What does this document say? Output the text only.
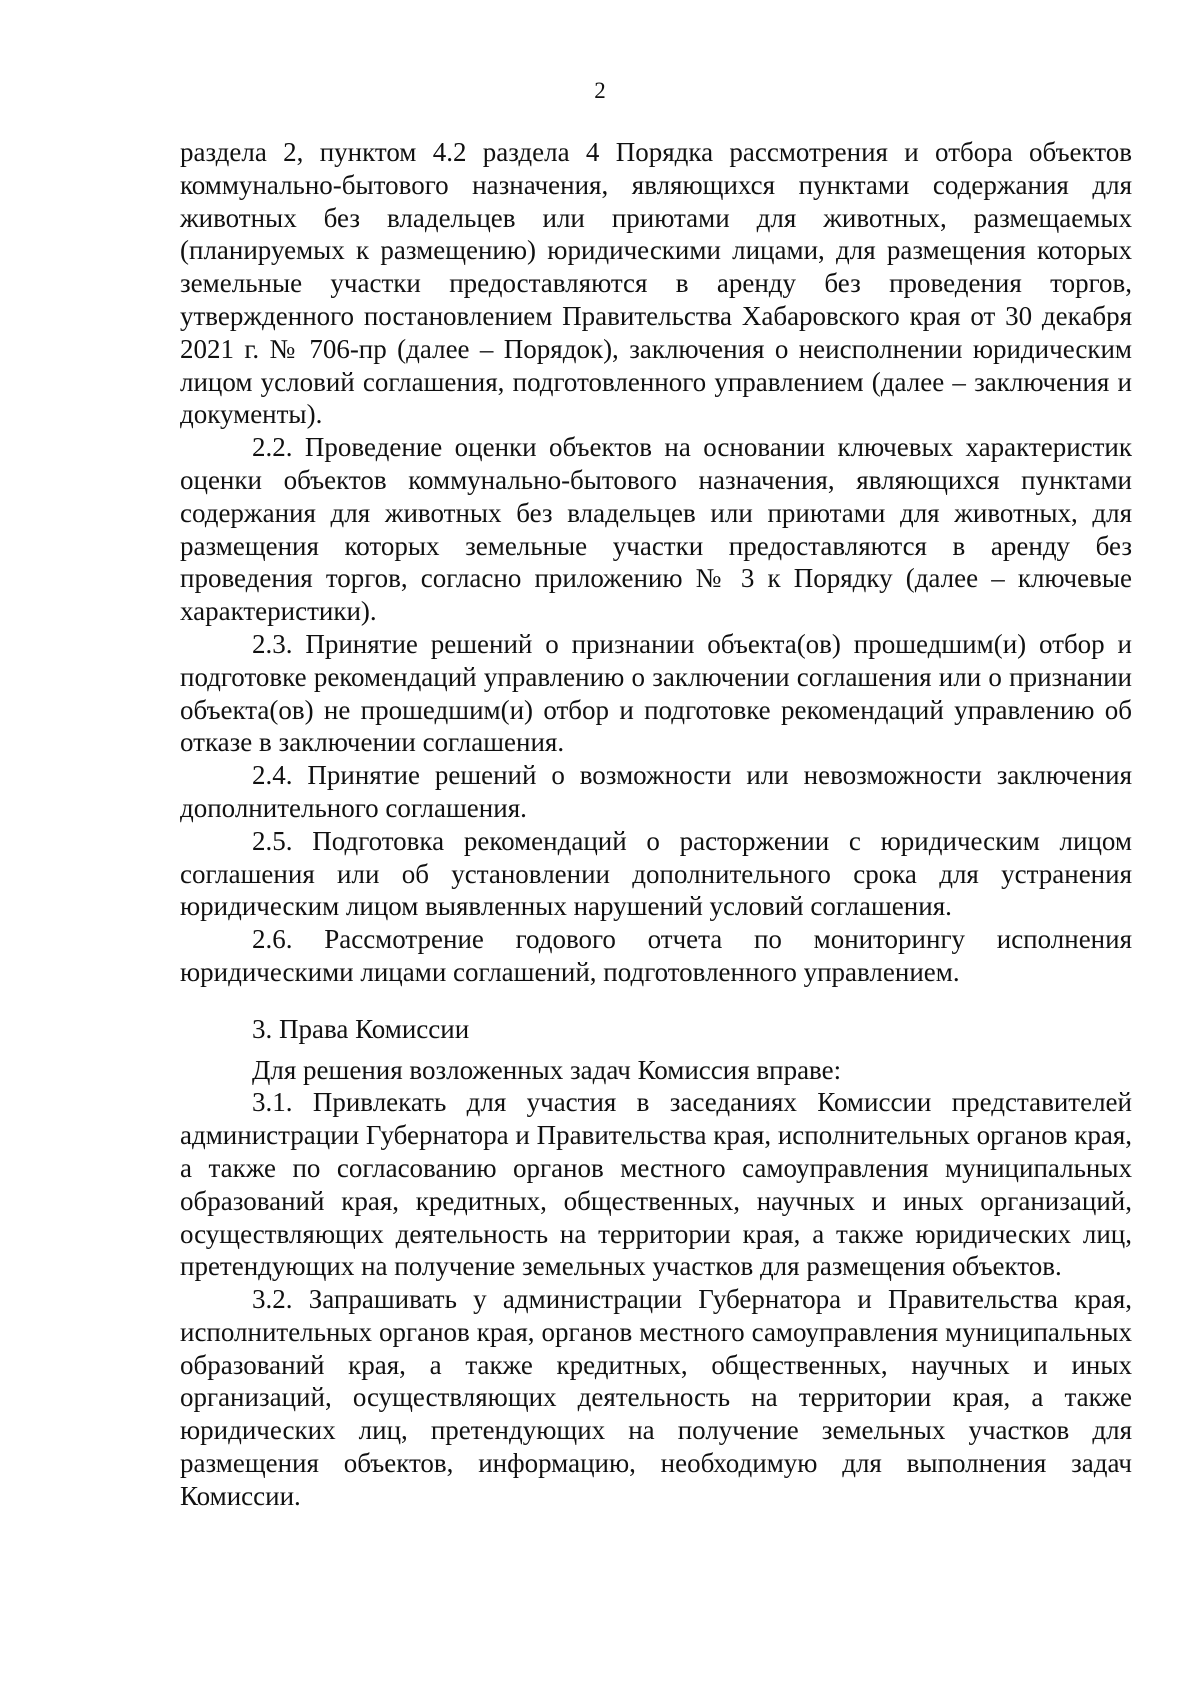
2

раздела 2, пунктом 4.2 раздела 4 Порядка рассмотрения и отбора объектов коммунально-бытового назначения, являющихся пунктами содержания для животных без владельцев или приютами для животных, размещаемых (планируемых к размещению) юридическими лицами, для размещения которых земельные участки предоставляются в аренду без проведения торгов, утвержденного постановлением Правительства Хабаровского края от 30 декабря 2021 г. № 706-пр (далее – Порядок), заключения о неисполнении юридическим лицом условий соглашения, подготовленного управлением (далее – заключения и документы).

2.2. Проведение оценки объектов на основании ключевых характеристик оценки объектов коммунально-бытового назначения, являющихся пунктами содержания для животных без владельцев или приютами для животных, для размещения которых земельные участки предоставляются в аренду без проведения торгов, согласно приложению № 3 к Порядку (далее – ключевые характеристики).

2.3. Принятие решений о признании объекта(ов) прошедшим(и) отбор и подготовке рекомендаций управлению о заключении соглашения или о признании объекта(ов) не прошедшим(и) отбор и подготовке рекомендаций управлению об отказе в заключении соглашения.

2.4. Принятие решений о возможности или невозможности заключения дополнительного соглашения.

2.5. Подготовка рекомендаций о расторжении с юридическим лицом соглашения или об установлении дополнительного срока для устранения юридическим лицом выявленных нарушений условий соглашения.

2.6. Рассмотрение годового отчета по мониторингу исполнения юридическими лицами соглашений, подготовленного управлением.

3. Права Комиссии

Для решения возложенных задач Комиссия вправе:

3.1. Привлекать для участия в заседаниях Комиссии представителей администрации Губернатора и Правительства края, исполнительных органов края, а также по согласованию органов местного самоуправления муниципальных образований края, кредитных, общественных, научных и иных организаций, осуществляющих деятельность на территории края, а также юридических лиц, претендующих на получение земельных участков для размещения объектов.

3.2. Запрашивать у администрации Губернатора и Правительства края, исполнительных органов края, органов местного самоуправления муниципальных образований края, а также кредитных, общественных, научных и иных организаций, осуществляющих деятельность на территории края, а также юридических лиц, претендующих на получение земельных участков для размещения объектов, информацию, необходимую для выполнения задач Комиссии.
